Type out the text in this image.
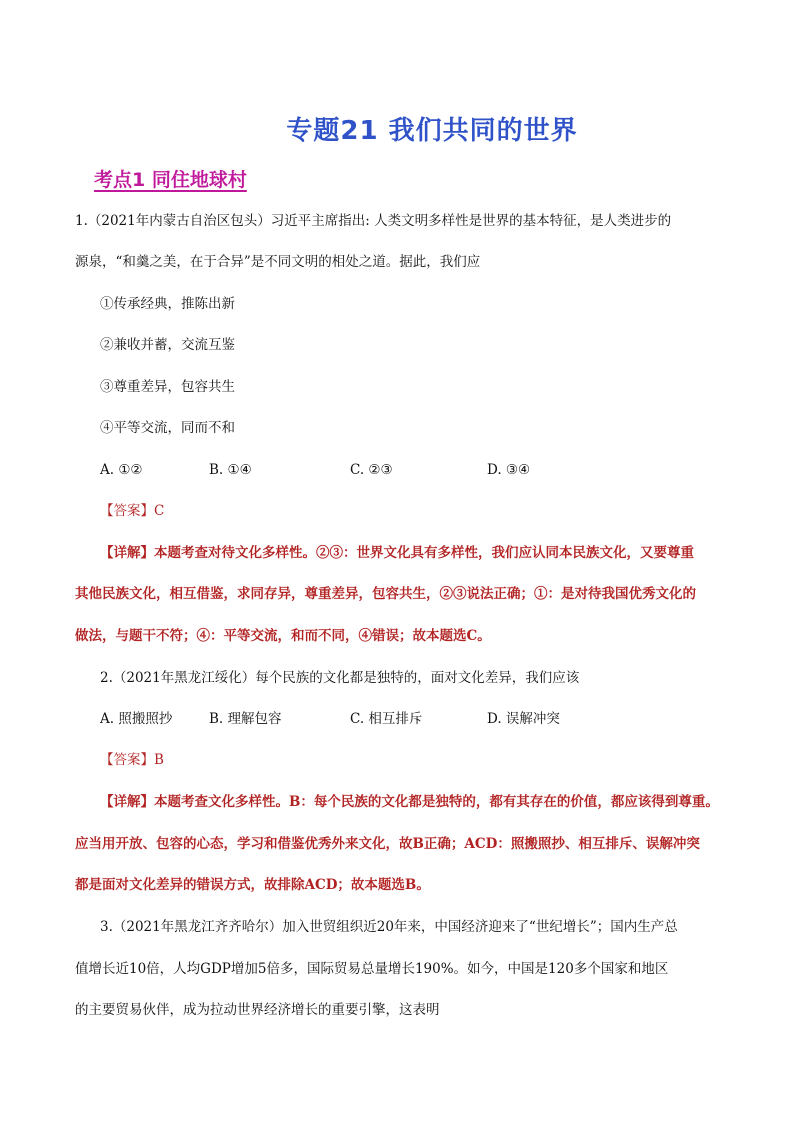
专题21 我们共同的世界
考点1 同住地球村
1.（2021年内蒙古自治区包头）习近平主席指出: 人类文明多样性是世界的基本特征，是人类进步的
源泉，“和羹之美，在于合异”是不同文明的相处之道。据此，我们应
①传承经典，推陈出新
②兼收并蓄，交流互鉴
③尊重差异，包容共生
④平等交流，同而不和
A. ①②	B. ①④	C. ②③	D. ③④
【答案】C
【详解】本题考查对待文化多样性。②③：世界文化具有多样性，我们应认同本民族文化，又要尊重
其他民族文化，相互借鉴，求同存异，尊重差异，包容共生，②③说法正确；①：是对待我国优秀文化的
做法，与题干不符；④：平等交流，和而不同，④错误；故本题选C。
2.（2021年黑龙江绥化）每个民族的文化都是独特的，面对文化差异，我们应该
A. 照搬照抄	B. 理解包容	C. 相互排斥	D. 误解冲突
【答案】B
【详解】本题考查文化多样性。B：每个民族的文化都是独特的，都有其存在的价值，都应该得到尊重。
应当用开放、包容的心态，学习和借鉴优秀外来文化，故B正确；ACD：照搬照抄、相互排斥、误解冲突
都是面对文化差异的错误方式，故排除ACD；故本题选B。
3.（2021年黑龙江齐齐哈尔）加入世贸组织近20年来，中国经济迎来了“世纪增长”；国内生产总
值增长近10倍，人均GDP增加5倍多，国际贸易总量增长190%。如今，中国是120多个国家和地区
的主要贸易伙伴，成为拉动世界经济增长的重要引擎，这表明
